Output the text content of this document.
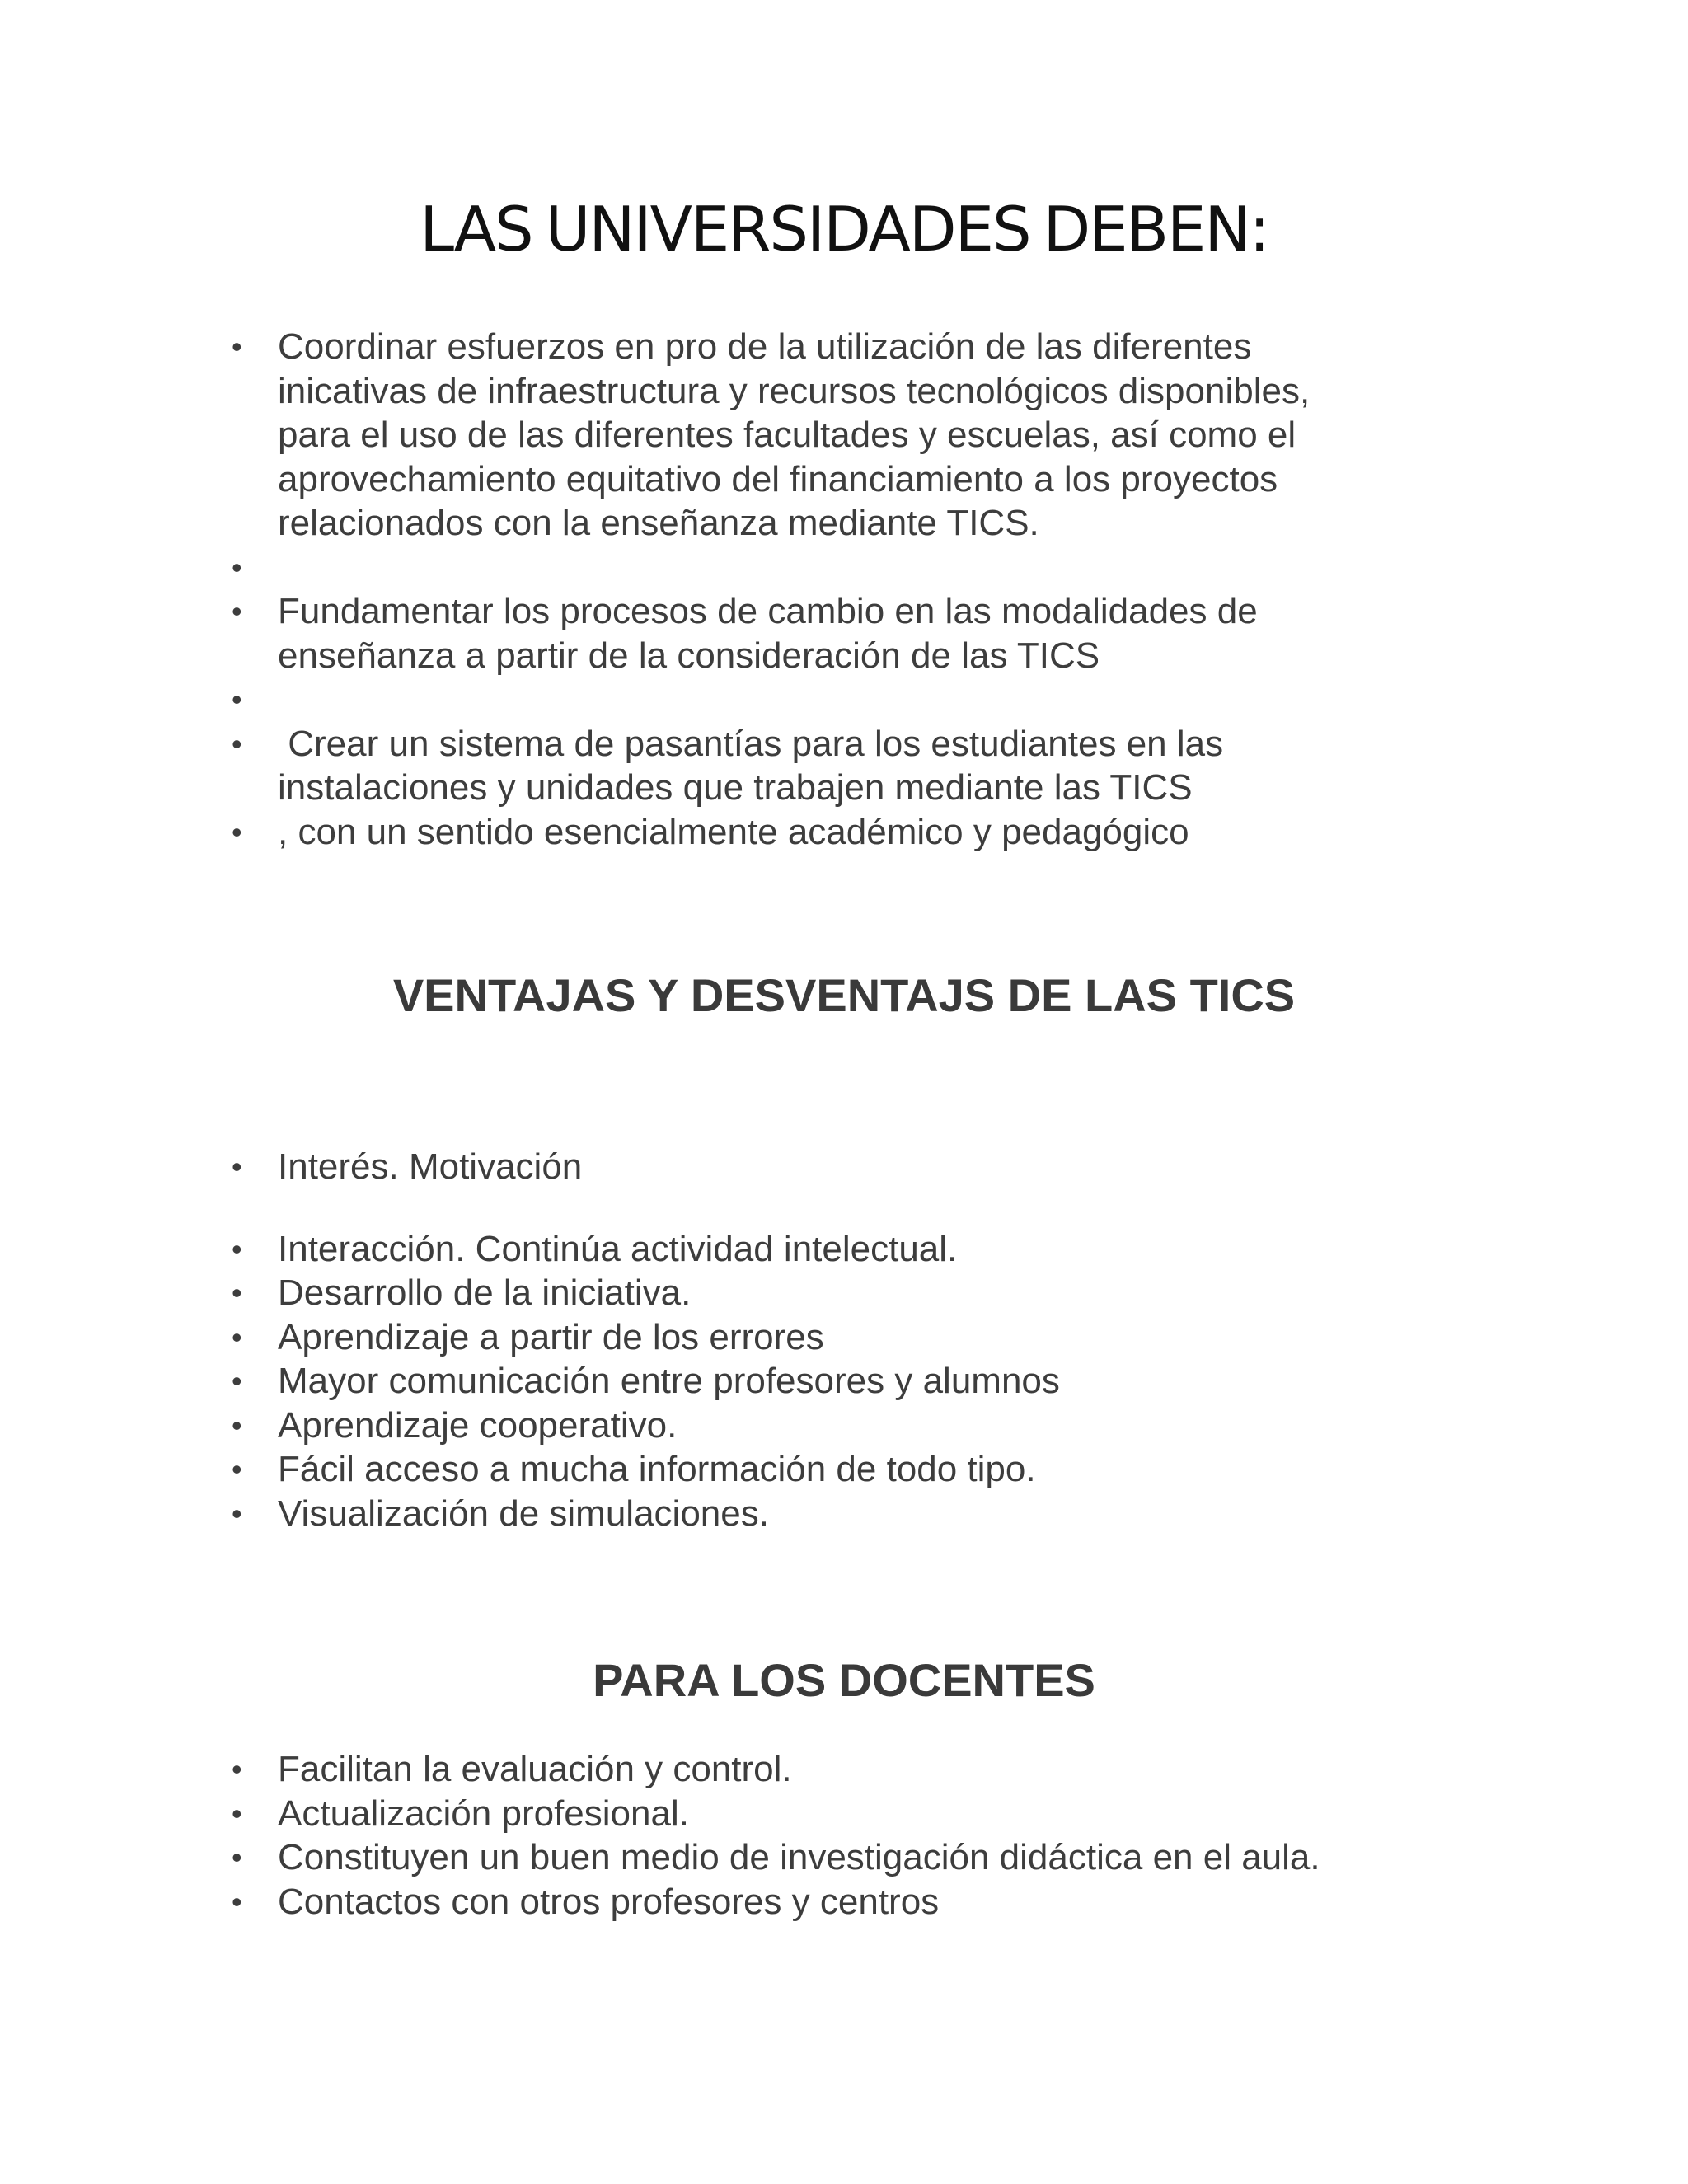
LAS UNIVERSIDADES DEBEN:
• Coordinar esfuerzos en pro de la utilización de las diferentes
inicativas de infraestructura y recursos tecnológicos disponibles,
para el uso de las diferentes facultades y escuelas, así como el
aprovechamiento equitativo del financiamiento a los proyectos
relacionados con la enseñanza mediante TICS.
•
• Fundamentar los procesos de cambio en las modalidades de
enseñanza a partir de la consideración de las TICS
•
• Crear un sistema de pasantías para los estudiantes en las
instalaciones y unidades que trabajen mediante las TICS
• , con un sentido esencialmente académico y pedagógico
VENTAJAS Y DESVENTAJS DE LAS TICS
• Interés. Motivación
• Interacción. Continúa actividad intelectual.
• Desarrollo de la iniciativa.
• Aprendizaje a partir de los errores
• Mayor comunicación entre profesores y alumnos
• Aprendizaje cooperativo.
• Fácil acceso a mucha información de todo tipo.
• Visualización de simulaciones.
PARA LOS DOCENTES
• Facilitan la evaluación y control.
• Actualización profesional.
• Constituyen un buen medio de investigación didáctica en el aula.
• Contactos con otros profesores y centros
